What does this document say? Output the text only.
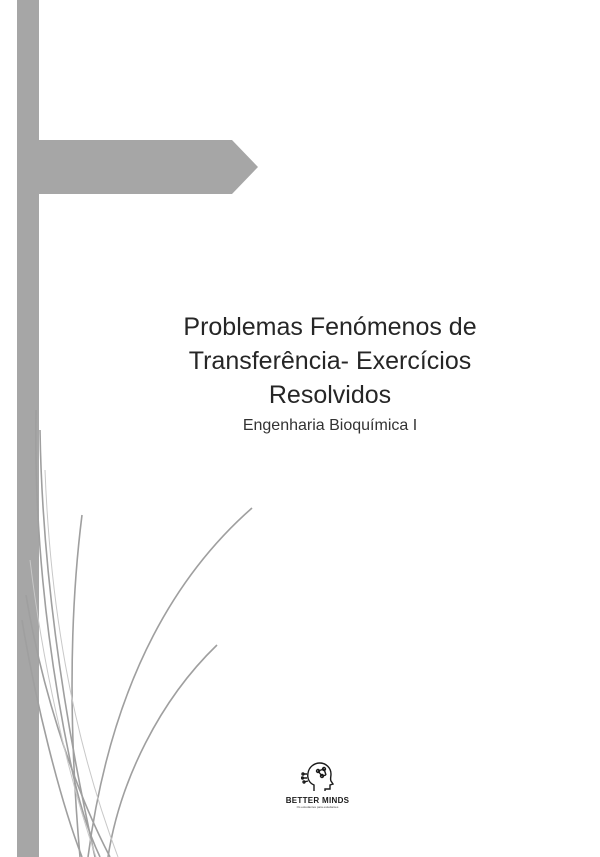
Problemas Fenómenos de Transferência- Exercícios Resolvidos

Engenharia Bioquímica I

BETTER MINDS
Os estudantes para estudantes
